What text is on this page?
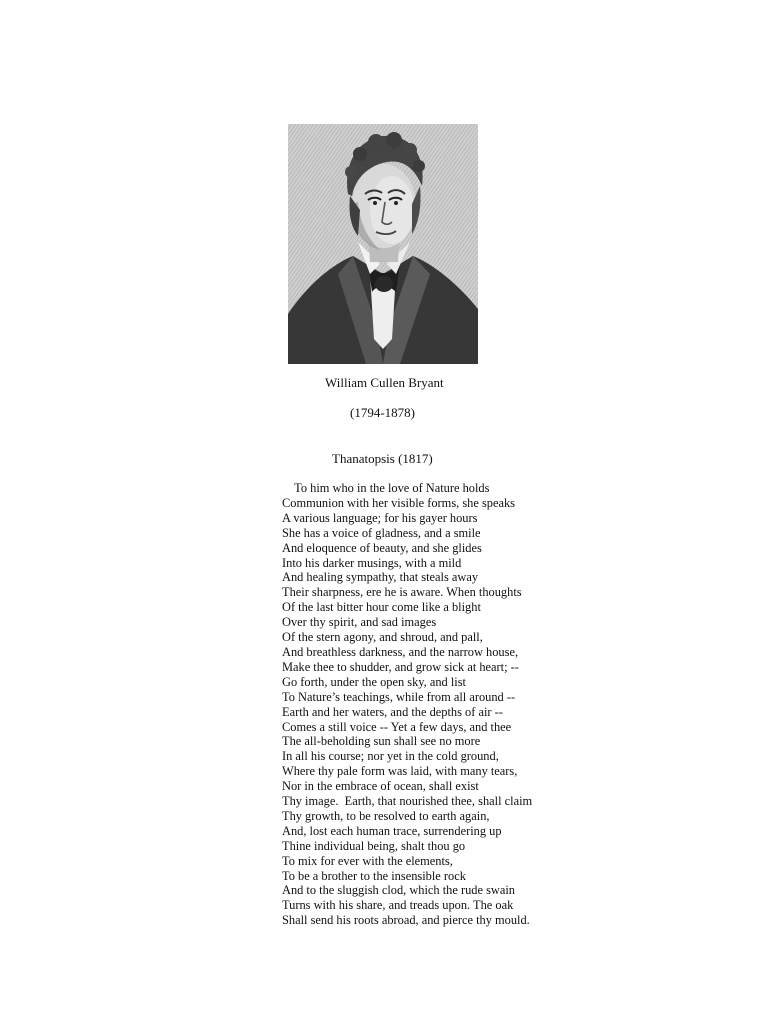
William Cullen Bryant
(1794-1878)
Thanatopsis (1817)
To him who in the love of Nature holds
Communion with her visible forms, she speaks
A various language; for his gayer hours
She has a voice of gladness, and a smile
And eloquence of beauty, and she glides
Into his darker musings, with a mild
And healing sympathy, that steals away
Their sharpness, ere he is aware. When thoughts
Of the last bitter hour come like a blight
Over thy spirit, and sad images
Of the stern agony, and shroud, and pall,
And breathless darkness, and the narrow house,
Make thee to shudder, and grow sick at heart; --
Go forth, under the open sky, and list
To Nature’s teachings, while from all around --
Earth and her waters, and the depths of air --
Comes a still voice -- Yet a few days, and thee
The all-beholding sun shall see no more
In all his course; nor yet in the cold ground,
Where thy pale form was laid, with many tears,
Nor in the embrace of ocean, shall exist
Thy image.  Earth, that nourished thee, shall claim
Thy growth, to be resolved to earth again,
And, lost each human trace, surrendering up
Thine individual being, shalt thou go
To mix for ever with the elements,
To be a brother to the insensible rock
And to the sluggish clod, which the rude swain
Turns with his share, and treads upon. The oak
Shall send his roots abroad, and pierce thy mould.
